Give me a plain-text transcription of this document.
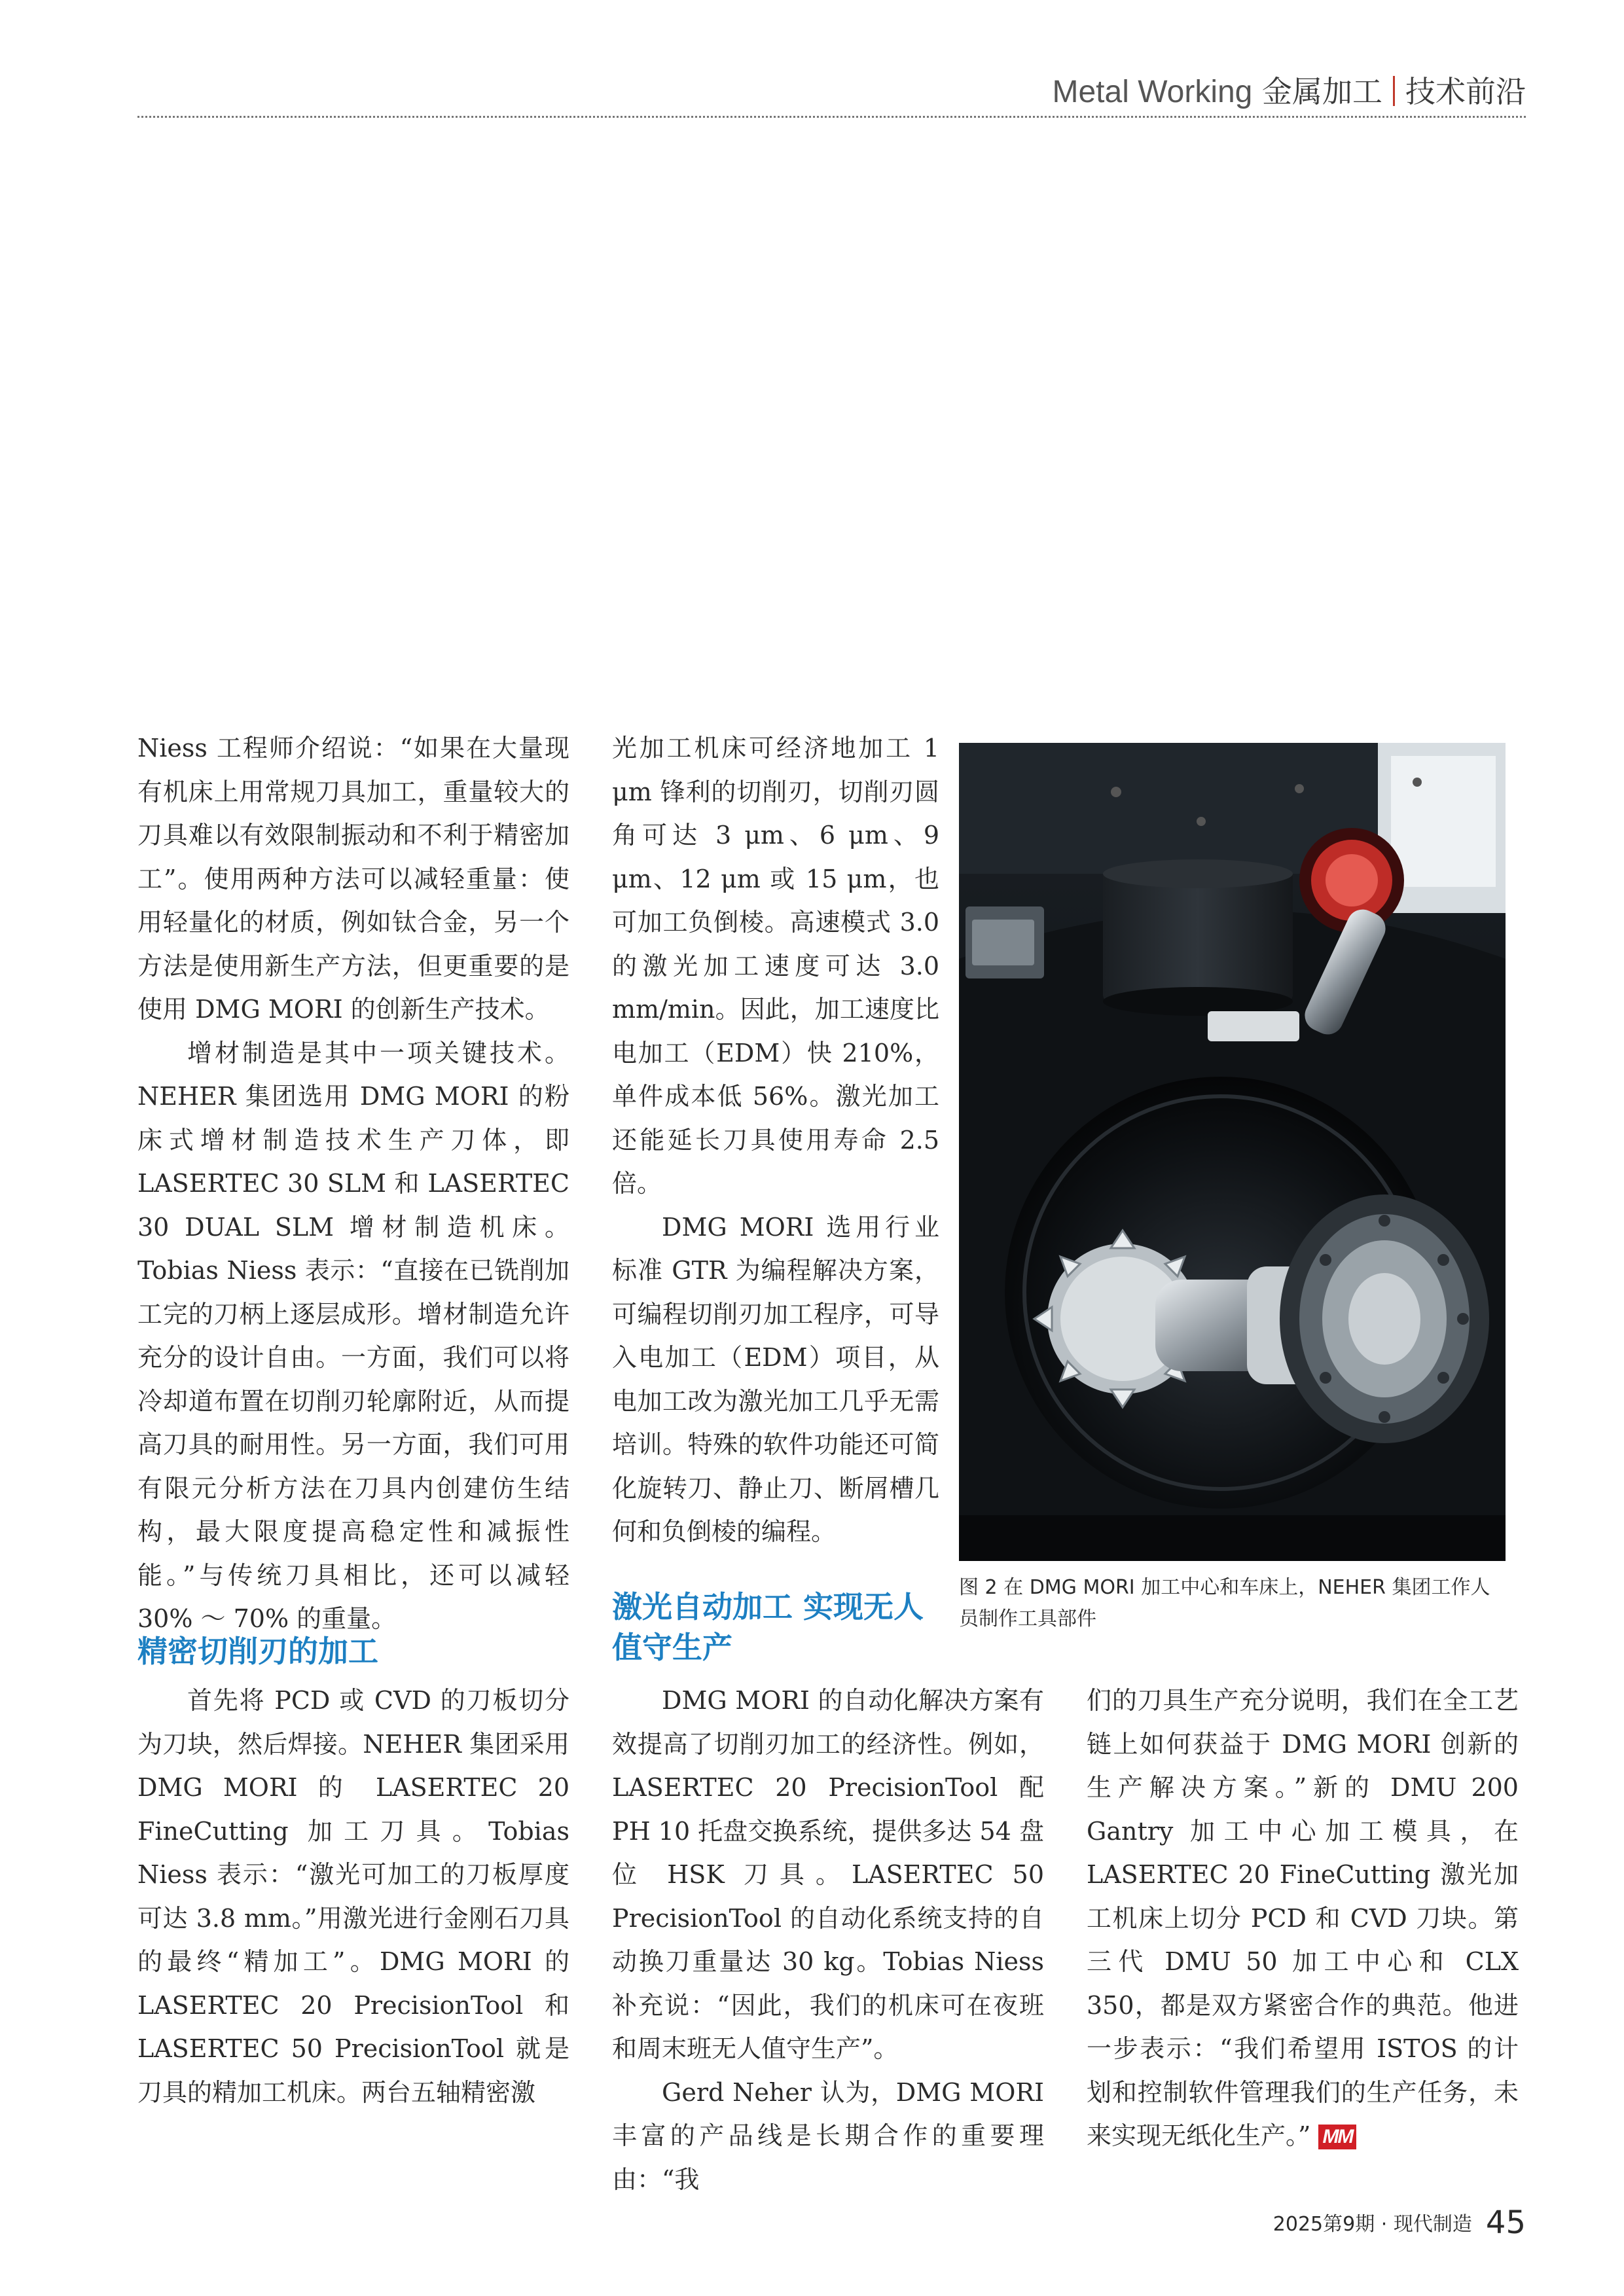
Metal Working 金属加工 技术前沿

Niess 工程师介绍说：“如果在大量现有机床上用常规刀具加工，重量较大的刀具难以有效限制振动和不利于精密加工”。使用两种方法可以减轻重量：使用轻量化的材质，例如钛合金，另一个方法是使用新生产方法，但更重要的是使用 DMG MORI 的创新生产技术。

增材制造是其中一项关键技术。NEHER 集团选用 DMG MORI 的粉床式增材制造技术生产刀体，即 LASERTEC 30 SLM 和 LASERTEC 30 DUAL SLM 增材制造机床。Tobias Niess 表示：“直接在已铣削加工完的刀柄上逐层成形。增材制造允许充分的设计自由。一方面，我们可以将冷却道布置在切削刃轮廓附近，从而提高刀具的耐用性。另一方面，我们可用有限元分析方法在刀具内创建仿生结构，最大限度提高稳定性和减振性能。”与传统刀具相比，还可以减轻 30% ～ 70% 的重量。

精密切削刃的加工

首先将 PCD 或 CVD 的刀板切分为刀块，然后焊接。NEHER 集团采用 DMG MORI 的 LASERTEC 20 FineCutting 加工刀具。Tobias Niess 表示：“激光可加工的刀板厚度可达 3.8 mm。”用激光进行金刚石刀具的最终“精加工”。DMG MORI 的 LASERTEC 20 PrecisionTool 和 LASERTEC 50 PrecisionTool 就是刀具的精加工机床。两台五轴精密激

光加工机床可经济地加工 1 μm 锋利的切削刃，切削刃圆角可达 3 μm、6 μm、9 μm、12 μm 或 15 μm，也可加工负倒棱。高速模式 3.0 的激光加工速度可达 3.0 mm/min。因此，加工速度比电加工（EDM）快 210%，单件成本低 56%。激光加工还能延长刀具使用寿命 2.5 倍。

DMG MORI 选用行业标准 GTR 为编程解决方案，可编程切削刃加工程序，可导入电加工（EDM）项目，从电加工改为激光加工几乎无需培训。特殊的软件功能还可简化旋转刀、静止刀、断屑槽几何和负倒棱的编程。

激光自动加工 实现无人值守生产

DMG MORI 的自动化解决方案有效提高了切削刃加工的经济性。例如，LASERTEC 20 PrecisionTool 配 PH 10 托盘交换系统，提供多达 54 盘位 HSK 刀具。LASERTEC 50 PrecisionTool 的自动化系统支持的自动换刀重量达 30 kg。Tobias Niess 补充说：“因此，我们的机床可在夜班和周末班无人值守生产”。

Gerd Neher 认为，DMG MORI 丰富的产品线是长期合作的重要理由：“我

们的刀具生产充分说明，我们在全工艺链上如何获益于 DMG MORI 创新的生产解决方案。”新的 DMU 200 Gantry 加工中心加工模具，在 LASERTEC 20 FineCutting 激光加工机床上切分 PCD 和 CVD 刀块。第三代 DMU 50 加工中心和 CLX 350，都是双方紧密合作的典范。他进一步表示：“我们希望用 ISTOS 的计划和控制软件管理我们的生产任务，未来实现无纸化生产。” MM

图 2 在 DMG MORI 加工中心和车床上，NEHER 集团工作人员制作工具部件
2025第9期 · 现代制造 45
